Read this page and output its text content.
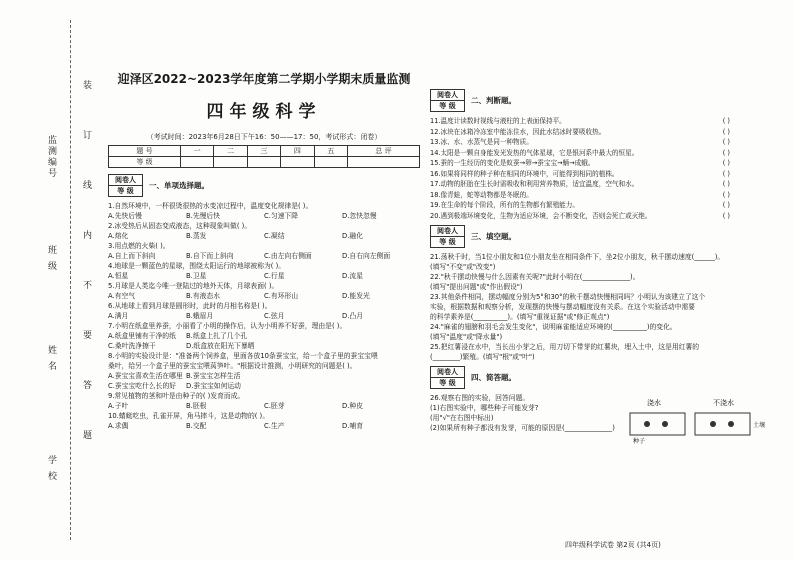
监测编号
班 级
姓 名
学 校
装
订
线
内
不
要
答
题
迎泽区2022~2023学年度第二学期小学期末质量监测
四年级科学
（考试时间：2023年6月28日下午16：50——17：50，考试形式：闭卷）
题 号	一	二	三	四	五	总 评
等 级						
阅卷人
等 级
一、单项选择题。
1.自然环境中，一杯很烫很热的水变凉过程中，温度变化规律是( )。
A.先快后慢	B.先慢后快	C.匀速下降	D.忽快忽慢
2.冰受热后从固态变成液态，这种现象叫做( )。
A.熔化	B.蒸发	C.凝结	D.融化
3.用点燃的火柴( )。
A.自上而下斜向	B.自下而上斜向	C.由左向右侧面	D.自右向左侧面
4.地球是一颗蓝色的星球，围绕太阳运行的地球被称为( )。
A.恒星	B.卫星	C.行星	D.流星
5.月球是人类迄今唯一登陆过的地外天体，月球表面( )。
A.有空气	B.有液态水	C.有环形山	D.能发光
6.从地球上看到月球是圆形时，此时的月相名称是( )。
A.满月	B.蛾眉月	C.弦月	D.凸月
7.小明在纸盒里养蚕，小丽看了小明的操作后，认为小明养不好蚕，理由是( )。
A.纸盒里铺有干净的纸	B.纸盒上扎了几个孔
C.桑叶洗净擦干	D.纸盒放在阳光下暴晒
8.小明的实验设计是："准备两个饲养盒，里面各放10条蚕宝宝，给一个盒子里的蚕宝宝喂
桑叶，给另一个盒子里的蚕宝宝喂莴笋叶。"根据设计推测，小明研究的问题是( )。
A.蚕宝宝喜欢生活在哪里 B.蚕宝宝怎样生活
C.蚕宝宝吃什么长的好	D.蚕宝宝如何运动
9.常见植物的茎和叶是由种子的( )发育而成。
A.子叶	B.胚根	C.胚芽	D.种皮
10.蜻蜓吃虫，孔雀开屏，角马摔斗，这是动物的( )。
A.求偶	B.交配	C.生产	D.哺育
阅卷人
等 级
二、判断题。
11.温度计读数时视线与液柱的上表面保持平。	( )
12.冰块在冰箱冷冻室中能冻住水，因此水结冰时要吸收热。	( )
13.冰、水、水蒸气是同一种物质。	( )
14.太阳是一颗自身能发光发热的气体星球，它是银河系中最大的恒星。	( )
15.蚕的一生经历的变化是蚁蚕→卵→蚕宝宝→蛹→成蛾。	( )
16.如果将同样的种子种在相同的环境中，可能得到相同的植株。	( )
17.动物的胚胎在生长时需吸收和利用营养物质，适宜温度，空气和水。	( )
18.像青蛙，蛇等动物都是冬眠的。	( )
19.在生命的每个阶段，所有的生物都有繁殖能力。	( )
20.遇到极端环境变化，生物为适应环境，会不断变化，否则会死亡或灭绝。	( )
阅卷人
等 级
三、填空题。
21.荡秋千时，当1位小朋友和1位小朋友坐在相同条件下，坐2位小朋友，秋千摆动速度(______)。
(填写"不变"或"改变")
22."秋千摆动快慢与什么因素有关呢?"此时小明在(______________)。
(填写"提出问题"或"作出假设")
23.其他条件相同，摆动幅度分别为5°和30°的秋千摆动快慢相同吗？小明认为该建立了这个
实验，根据数据和观察分析，发现摆的快慢与摆动幅度没有关系。在这个实验活动中需要
的科学素养是(__________)。(填写"重视证据"或"修正观点")
24."麻雀的翅膀和羽毛会发生变化"，说明麻雀能适应环境的(__________)的变化。
(填写"温度"或"降水量")
25.把红薯浸在水中，当长出小芽之后，用刀切下带芽的红薯块，埋入土中，这是用红薯的
(________)繁殖。(填写"根"或"叶")
阅卷人
等 级
四、简答题。
26.观察右图的实验，回答问题。
(1)右图实验中，哪些种子可能发芽?
(用"√"在右图中标出)
(2)如果所有种子都没有发芽，可能的原因是(______________)
浇水	不浇水
土壤
种子
四年级科学试卷 第2页 (共4页)
